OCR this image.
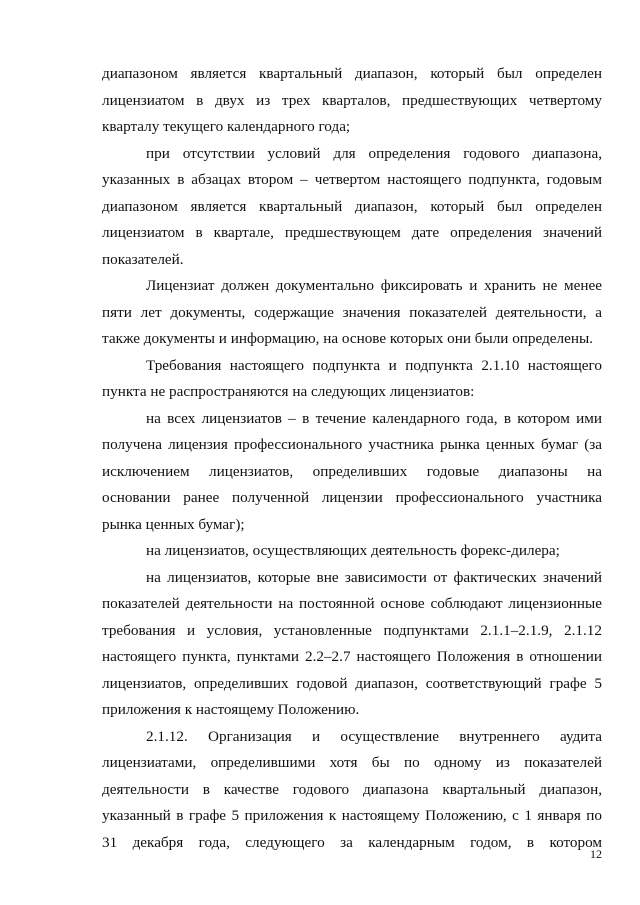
диапазоном является квартальный диапазон, который был определен
лицензиатом в двух из трех кварталов, предшествующих четвертому
кварталу текущего календарного года;
при отсутствии условий для определения годового диапазона,
указанных в абзацах втором – четвертом настоящего подпункта, годовым
диапазоном является квартальный диапазон, который был определен
лицензиатом в квартале, предшествующем дате определения значений
показателей.
Лицензиат должен документально фиксировать и хранить не менее
пяти лет документы, содержащие значения показателей деятельности, а
также документы и информацию, на основе которых они были определены.
Требования настоящего подпункта и подпункта 2.1.10 настоящего
пункта не распространяются на следующих лицензиатов:
на всех лицензиатов – в течение календарного года, в котором ими
получена лицензия профессионального участника рынка ценных бумаг (за
исключением лицензиатов, определивших годовые диапазоны на
основании ранее полученной лицензии профессионального участника
рынка ценных бумаг);
на лицензиатов, осуществляющих деятельность форекс-дилера;
на лицензиатов, которые вне зависимости от фактических значений
показателей деятельности на постоянной основе соблюдают лицензионные
требования и условия, установленные подпунктами 2.1.1–2.1.9, 2.1.12
настоящего пункта, пунктами 2.2–2.7 настоящего Положения в отношении
лицензиатов, определивших годовой диапазон, соответствующий графе 5
приложения к настоящему Положению.
2.1.12. Организация и осуществление внутреннего аудита
лицензиатами, определившими хотя бы по одному из показателей
деятельности в качестве годового диапазона квартальный диапазон,
указанный в графе 5 приложения к настоящему Положению, с 1 января по
31 декабря года, следующего за календарным годом, в котором
12
